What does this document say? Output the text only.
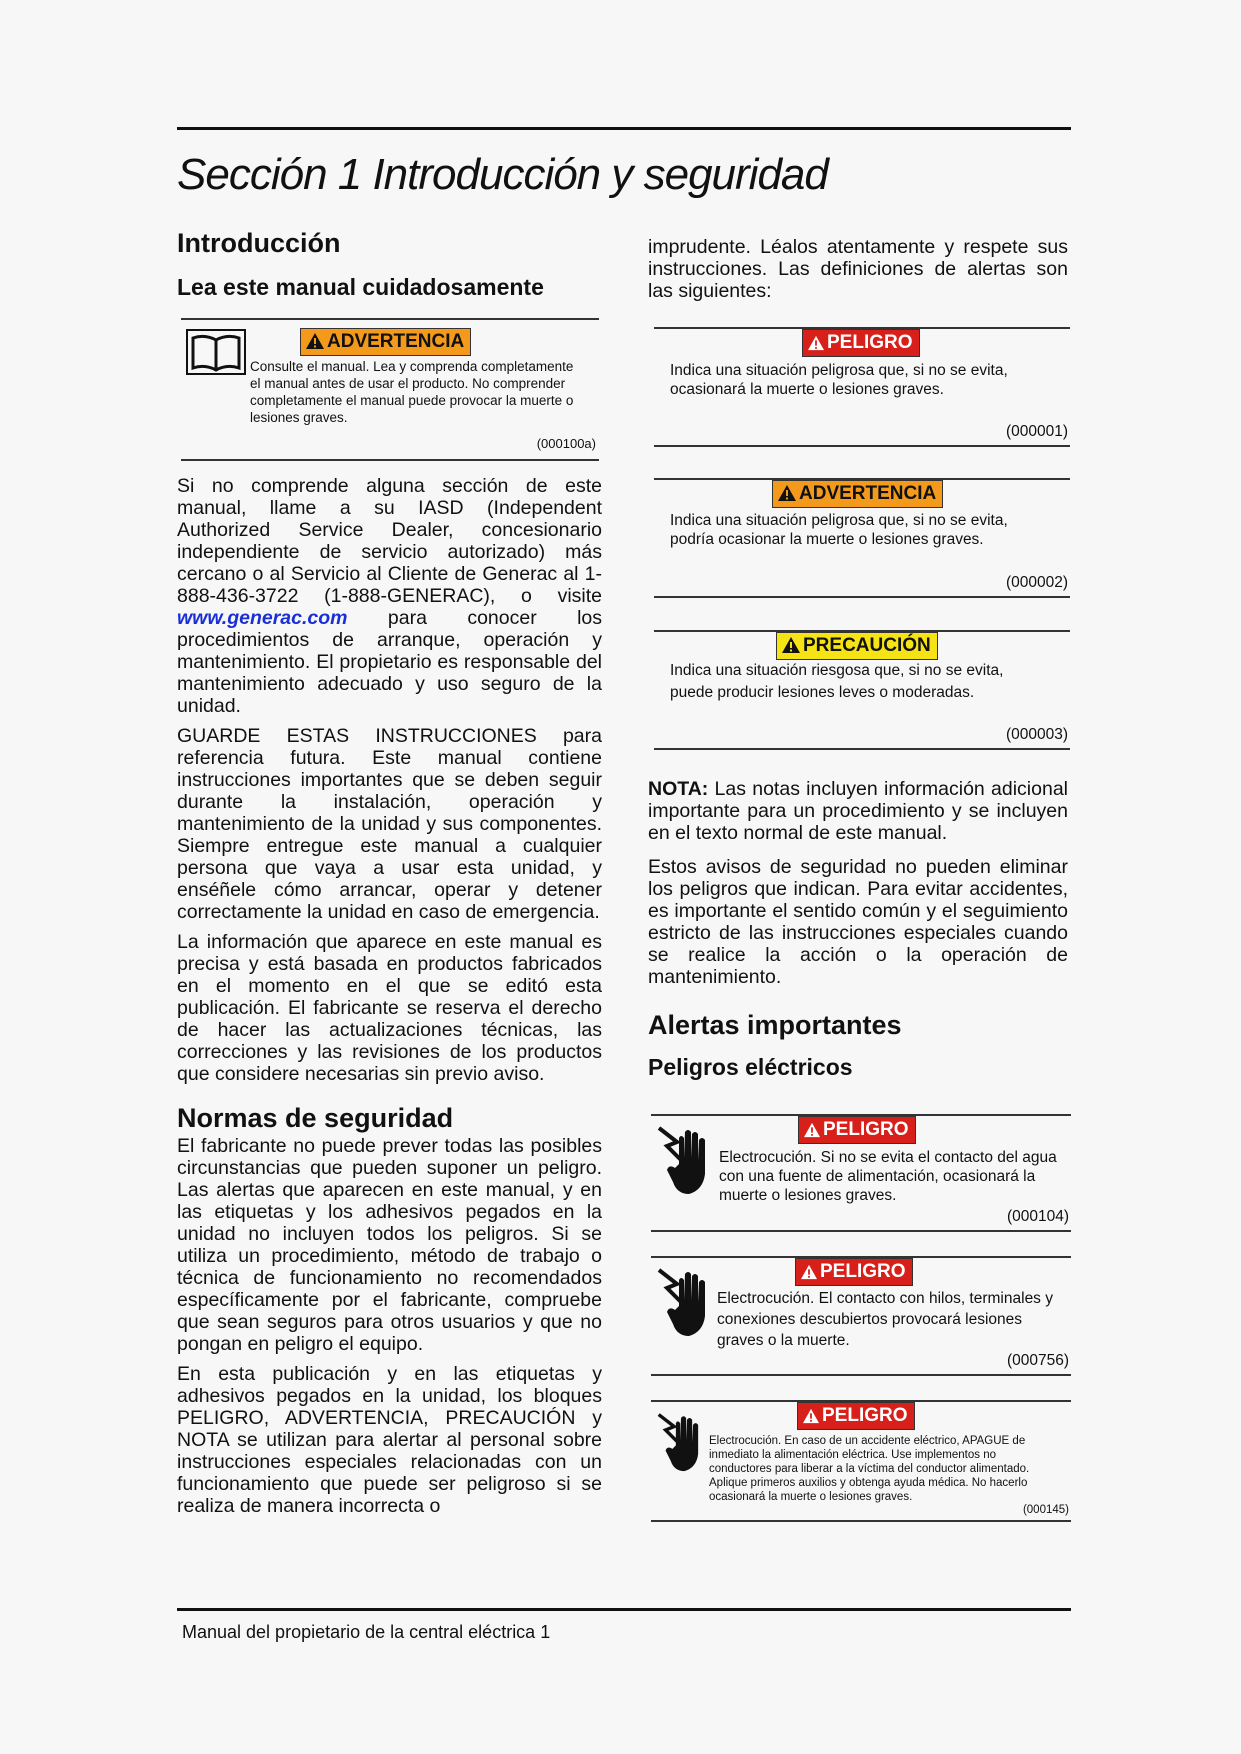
Sección 1 Introducción y seguridad
Introducción
Lea este manual cuidadosamente
ADVERTENCIA
Consulte el manual. Lea y comprenda completamente el manual antes de usar el producto. No comprender completamente el manual puede provocar la muerte o lesiones graves.
(000100a)

Si no comprende alguna sección de este manual, llame a su IASD (Independent Authorized Service Dealer, concesionario independiente de servicio autorizado) más cercano o al Servicio al Cliente de Generac al 1-888-436-3722 (1-888-GENERAC), o visite www.generac.com para conocer los procedimientos de arranque, operación y mantenimiento. El propietario es responsable del mantenimiento adecuado y uso seguro de la unidad.

GUARDE ESTAS INSTRUCCIONES para referencia futura. Este manual contiene instrucciones importantes que se deben seguir durante la instalación, operación y mantenimiento de la unidad y sus componentes. Siempre entregue este manual a cualquier persona que vaya a usar esta unidad, y enséñele cómo arrancar, operar y detener correctamente la unidad en caso de emergencia.

La información que aparece en este manual es precisa y está basada en productos fabricados en el momento en el que se editó esta publicación. El fabricante se reserva el derecho de hacer las actualizaciones técnicas, las correcciones y las revisiones de los productos que considere necesarias sin previo aviso.

Normas de seguridad

El fabricante no puede prever todas las posibles circunstancias que pueden suponer un peligro. Las alertas que aparecen en este manual, y en las etiquetas y los adhesivos pegados en la unidad no incluyen todos los peligros. Si se utiliza un procedimiento, método de trabajo o técnica de funcionamiento no recomendados específicamente por el fabricante, compruebe que sean seguros para otros usuarios y que no pongan en peligro el equipo.

En esta publicación y en las etiquetas y adhesivos pegados en la unidad, los bloques PELIGRO, ADVERTENCIA, PRECAUCIÓN y NOTA se utilizan para alertar al personal sobre instrucciones especiales relacionadas con un funcionamiento que puede ser peligroso si se realiza de manera incorrecta o

imprudente. Léalos atentamente y respete sus instrucciones. Las definiciones de alertas son las siguientes:

PELIGRO
Indica una situación peligrosa que, si no se evita, ocasionará la muerte o lesiones graves.
(000001)
ADVERTENCIA
Indica una situación peligrosa que, si no se evita, podría ocasionar la muerte o lesiones graves.
(000002)
PRECAUCIÓN
Indica una situación riesgosa que, si no se evita, puede producir lesiones leves o moderadas.
(000003)

NOTA: Las notas incluyen información adicional importante para un procedimiento y se incluyen en el texto normal de este manual.

Estos avisos de seguridad no pueden eliminar los peligros que indican. Para evitar accidentes, es importante el sentido común y el seguimiento estricto de las instrucciones especiales cuando se realice la acción o la operación de mantenimiento.

Alertas importantes
Peligros eléctricos
PELIGRO
Electrocución. Si no se evita el contacto del agua con una fuente de alimentación, ocasionará la muerte o lesiones graves.
(000104)
PELIGRO
Electrocución. El contacto con hilos, terminales y conexiones descubiertos provocará lesiones graves o la muerte.
(000756)
PELIGRO
Electrocución. En caso de un accidente eléctrico, APAGUE de inmediato la alimentación eléctrica. Use implementos no conductores para liberar a la víctima del conductor alimentado. Aplique primeros auxilios y obtenga ayuda médica. No hacerlo ocasionará la muerte o lesiones graves.
(000145)
Manual del propietario de la central eléctrica 1
